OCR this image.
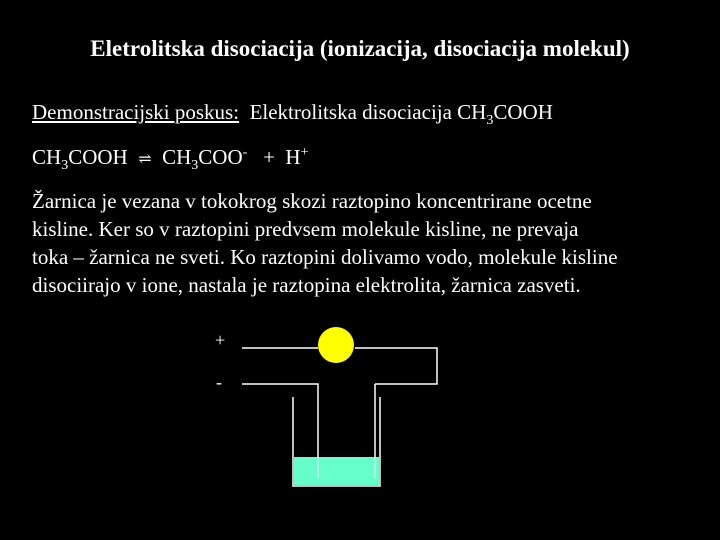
Eletrolitska disociacija (ionizacija, disociacija molekul)
Demonstracijski poskus: Elektrolitska disociacija $CH_3COOH$
$CH_3COOH$ ⇌ $CH_3COO^- + H^+$
Žarnica je vezana v tokokrog skozi raztopino koncentrirane ocetne
kisline. Ker so v raztopini predvsem molekule kisline, ne prevaja
toka – žarnica ne sveti. Ko raztopini dolivamo vodo, molekule kisline
disociirajo v ione, nastala je raztopina elektrolita, žarnica zasveti.
+
-
